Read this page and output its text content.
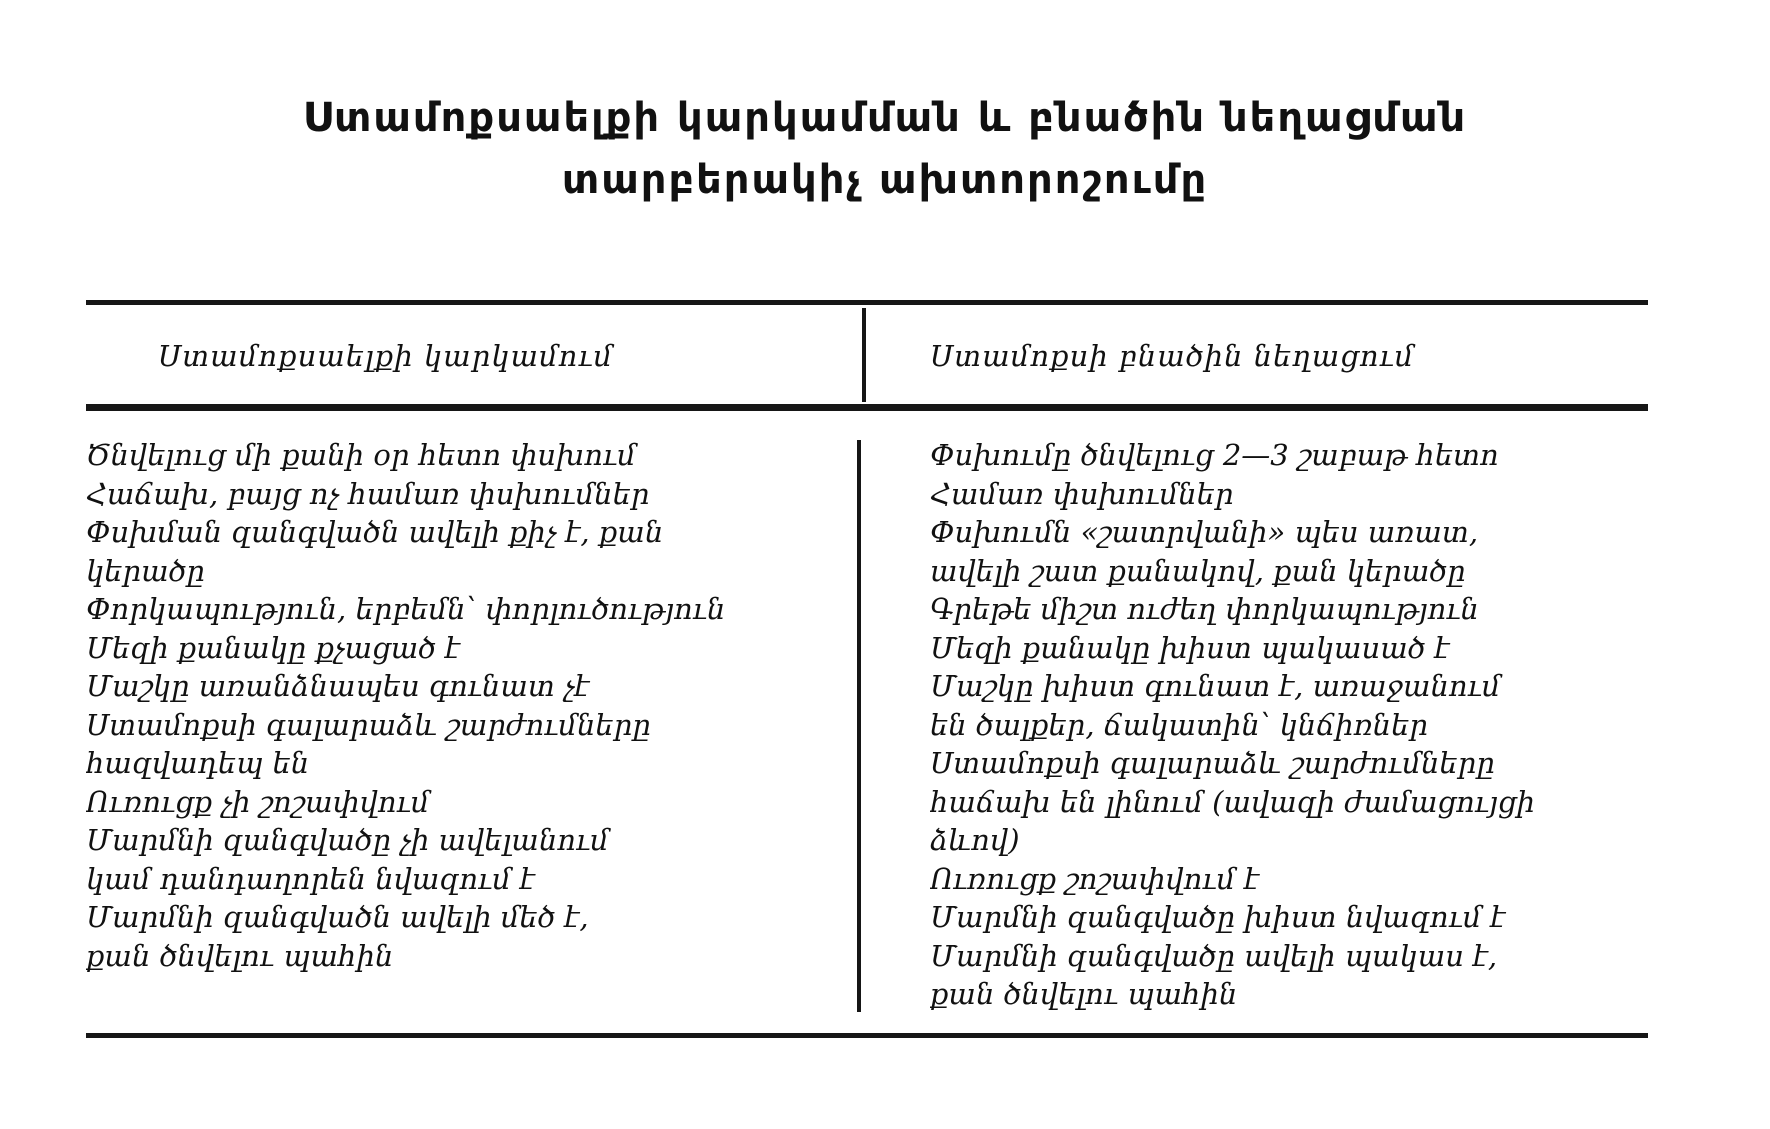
Ստամոքսաելքի կարկամման և բնածին նեղացման
տարբերակիչ ախտորոշումը
Ստամոքսաելքի կարկամում	Ստամոքսի բնածին նեղացում
Ծնվելուց մի քանի օր հետո փսխում
Հաճախ, բայց ոչ համառ փսխումներ
Փսխման զանգվածն ավելի քիչ է, քան
կերածը
Փորկապություն, երբեմն՝ փորլուծություն
Մեզի քանակը քչացած է
Մաշկը առանձնապես գունատ չէ
Ստամոքսի գալարաձև շարժումները
հազվադեպ են
Ուռուցք չի շոշափվում
Մարմնի զանգվածը չի ավելանում
կամ դանդաղորեն նվազում է
Մարմնի զանգվածն ավելի մեծ է,
քան ծնվելու պահին
Փսխումը ծնվելուց 2—3 շաբաթ հետո
Համառ փսխումներ
Փսխումն «շատրվանի» պես առատ,
ավելի շատ քանակով, քան կերածը
Գրեթե միշտ ուժեղ փորկապություն
Մեզի քանակը խիստ պակասած է
Մաշկը խիստ գունատ է, առաջանում
են ծալքեր, ճակատին՝ կնճիռներ
Ստամոքսի գալարաձև շարժումները
հաճախ են լինում (ավազի ժամացույցի
ձևով)
Ուռուցք շոշափվում է
Մարմնի զանգվածը խիստ նվազում է
Մարմնի զանգվածը ավելի պակաս է,
քան ծնվելու պահին
